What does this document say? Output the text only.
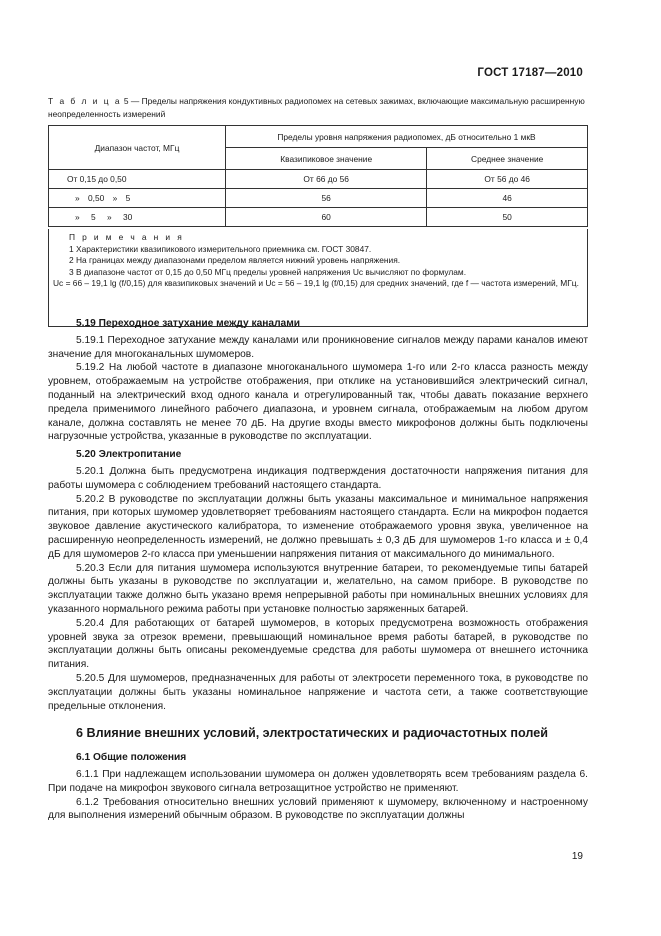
ГОСТ 17187—2010
Т а б л и ц а 5 — Пределы напряжения кондуктивных радиопомех на сетевых зажимах, включающие максимальную расширенную неопределенность измерений
Диапазон частот, МГц	Пределы уровня напряжения радиопомех, дБ относительно 1 мкВ	
	Квазипиковое значение	Среднее значение
От 0,15 до 0,50	От 66 до 56	От 56 до 46
» 0,50 » 5	56	46
» 5 » 30	60	50

П р и м е ч а н и я

1 Характеристики квазипикового измерительного приемника см. ГОСТ 30847.

2 На границах между диапазонами пределом является нижний уровень напряжения.

3 В диапазоне частот от 0,15 до 0,50 МГц пределы уровней напряжения Uc вычисляют по формулам.

Uc = 66 – 19,1 lg (f/0,15) для квазипиковых значений и Uc = 56 – 19,1 lg (f/0,15) для средних значений, где f — частота измерений, МГц.

5.19 Переходное затухание между каналами

5.19.1 Переходное затухание между каналами или проникновение сигналов между парами каналов имеют значение для многоканальных шумомеров.

5.19.2 На любой частоте в диапазоне многоканального шумомера 1-го или 2-го класса разность между уровнем, отображаемым на устройстве отображения, при отклике на установившийся электрический сигнал, поданный на электрический вход одного канала и отрегулированный так, чтобы давать показание верхнего предела применимого линейного рабочего диапазона, и уровнем сигнала, отображаемым на любом другом канале, должна составлять не менее 70 дБ. На другие входы вместо микрофонов должны быть подключены нагрузочные устройства, указанные в руководстве по эксплуатации.

5.20 Электропитание

5.20.1 Должна быть предусмотрена индикация подтверждения достаточности напряжения питания для работы шумомера с соблюдением требований настоящего стандарта.

5.20.2 В руководстве по эксплуатации должны быть указаны максимальное и минимальное напряжения питания, при которых шумомер удовлетворяет требованиям настоящего стандарта. Если на микрофон подается звуковое давление акустического калибратора, то изменение отображаемого уровня звука, увеличенное на расширенную неопределенность измерений, не должно превышать ± 0,3 дБ для шумомеров 1-го класса и ± 0,4 дБ для шумомеров 2-го класса при уменьшении напряжения питания от максимального до минимального.

5.20.3 Если для питания шумомера используются внутренние батареи, то рекомендуемые типы батарей должны быть указаны в руководстве по эксплуатации и, желательно, на самом приборе. В руководстве по эксплуатации также должно быть указано время непрерывной работы при номинальных внешних условиях для указанного нормального режима работы при установке полностью заряженных батарей.

5.20.4 Для работающих от батарей шумомеров, в которых предусмотрена возможность отображения уровней звука за отрезок времени, превышающий номинальное время работы батарей, в руководстве по эксплуатации должны быть описаны рекомендуемые средства для работы шумомера от внешнего источника питания.

5.20.5 Для шумомеров, предназначенных для работы от электросети переменного тока, в руководстве по эксплуатации должны быть указаны номинальное напряжение и частота сети, а также соответствующие предельные отклонения.

6 Влияние внешних условий, электростатических и радиочастотных полей
6.1 Общие положения

6.1.1 При надлежащем использовании шумомера он должен удовлетворять всем требованиям раздела 6. При подаче на микрофон звукового сигнала ветрозащитное устройство не применяют.

6.1.2 Требования относительно внешних условий применяют к шумомеру, включенному и настроенному для выполнения измерений обычным образом. В руководстве по эксплуатации должны

19
